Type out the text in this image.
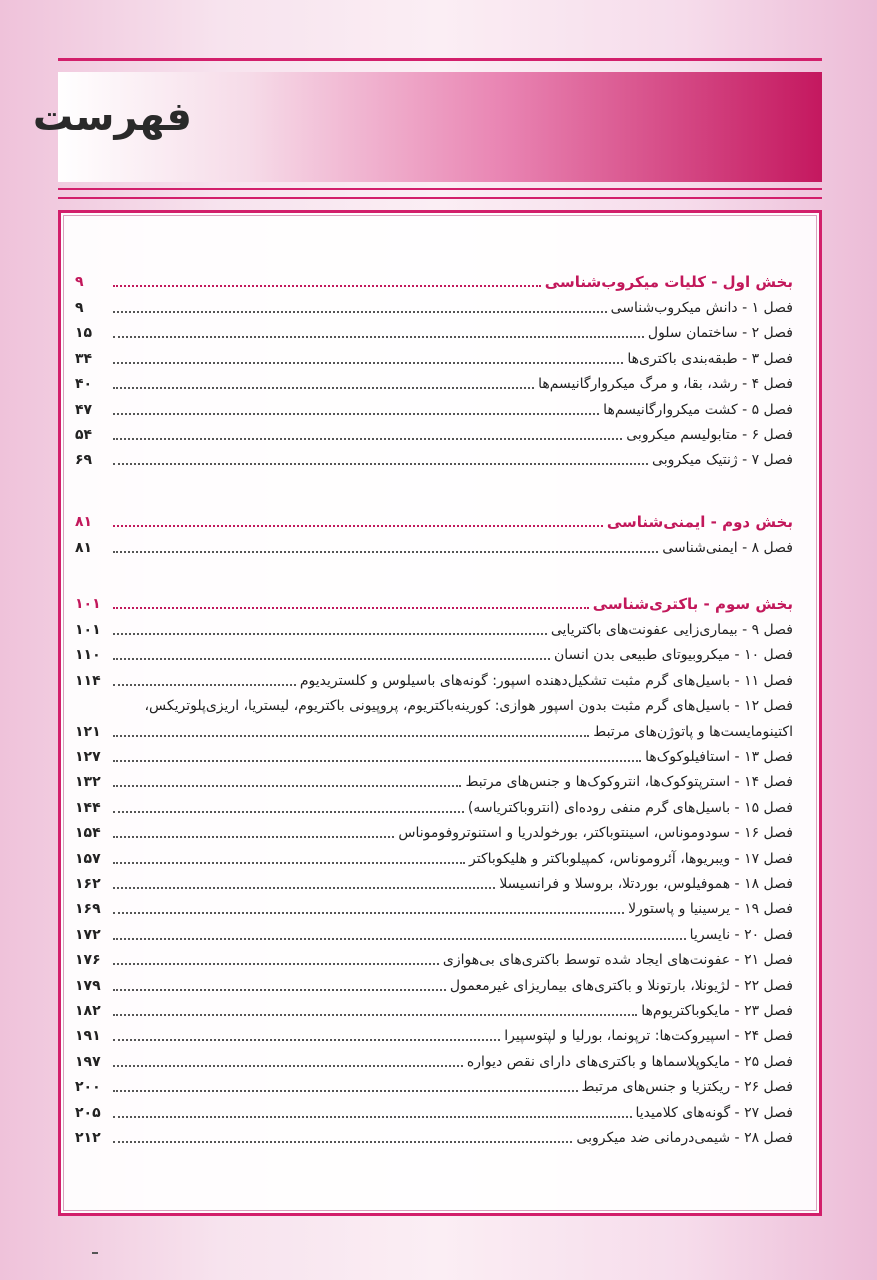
فهرست
بخش اول - کلیات میکروب‌شناسی
۹
فصل ۱ - دانش میکروب‌شناسی
۹
فصل ۲ - ساختمان سلول
۱۵
فصل ۳ - طبقه‌بندی باکتری‌ها
۳۴
فصل ۴ - رشد، بقا، و مرگ میکروارگانیسم‌ها
۴۰
فصل ۵ - کشت میکروارگانیسم‌ها
۴۷
فصل ۶ - متابولیسم میکروبی
۵۴
فصل ۷ - ژنتیک میکروبی
۶۹
بخش دوم - ایمنی‌شناسی
۸۱
فصل ۸ - ایمنی‌شناسی
۸۱
بخش سوم - باکتری‌شناسی
۱۰۱
فصل ۹ - بیماری‌زایی عفونت‌های باکتریایی
۱۰۱
فصل ۱۰ - میکروبیوتای طبیعی بدن انسان
۱۱۰
فصل ۱۱ - باسیل‌های گرم مثبت تشکیل‌دهنده اسپور: گونه‌های باسیلوس و کلستریدیوم
۱۱۴
فصل ۱۲ - باسیل‌های گرم مثبت بدون اسپور هوازی: کورینه‌باکتریوم، پروپیونی باکتریوم، لیستریا، اریزی‌پلوتریکس،
اکتینومایست‌ها و پاتوژن‌های مرتبط
۱۲۱
فصل ۱۳ - استافیلوکوک‌ها
۱۲۷
فصل ۱۴ - استرپتوکوک‌ها، انتروکوک‌ها و جنس‌های مرتبط
۱۳۲
فصل ۱۵ - باسیل‌های گرم منفی روده‌ای (انتروباکتریاسه)
۱۴۴
فصل ۱۶ - سودوموناس، اسینتوباکتر، بورخولدریا و استنوتروفوموناس
۱۵۴
فصل ۱۷ - ویبریوها، آئروموناس، کمپیلوباکتر و هلیکوباکتر
۱۵۷
فصل ۱۸ - هموفیلوس، بوردتلا، بروسلا و فرانسیسلا
۱۶۲
فصل ۱۹ - یرسینیا و پاستورلا
۱۶۹
فصل ۲۰ - نایسریا
۱۷۲
فصل ۲۱ - عفونت‌های ایجاد شده توسط باکتری‌های بی‌هوازی
۱۷۶
فصل ۲۲ - لژیونلا، بارتونلا و باکتری‌های بیماریزای غیرمعمول
۱۷۹
فصل ۲۳ - مایکوباکتریوم‌ها
۱۸۲
فصل ۲۴ - اسپیروکت‌ها: ترپونما، بورلیا و لپتوسپیرا
۱۹۱
فصل ۲۵ - مایکوپلاسماها و باکتری‌های دارای نقص دیواره
۱۹۷
فصل ۲۶ - ریکتزیا و جنس‌های مرتبط
۲۰۰
فصل ۲۷ - گونه‌های کلامیدیا
۲۰۵
فصل ۲۸ - شیمی‌درمانی ضد میکروبی
۲۱۲
